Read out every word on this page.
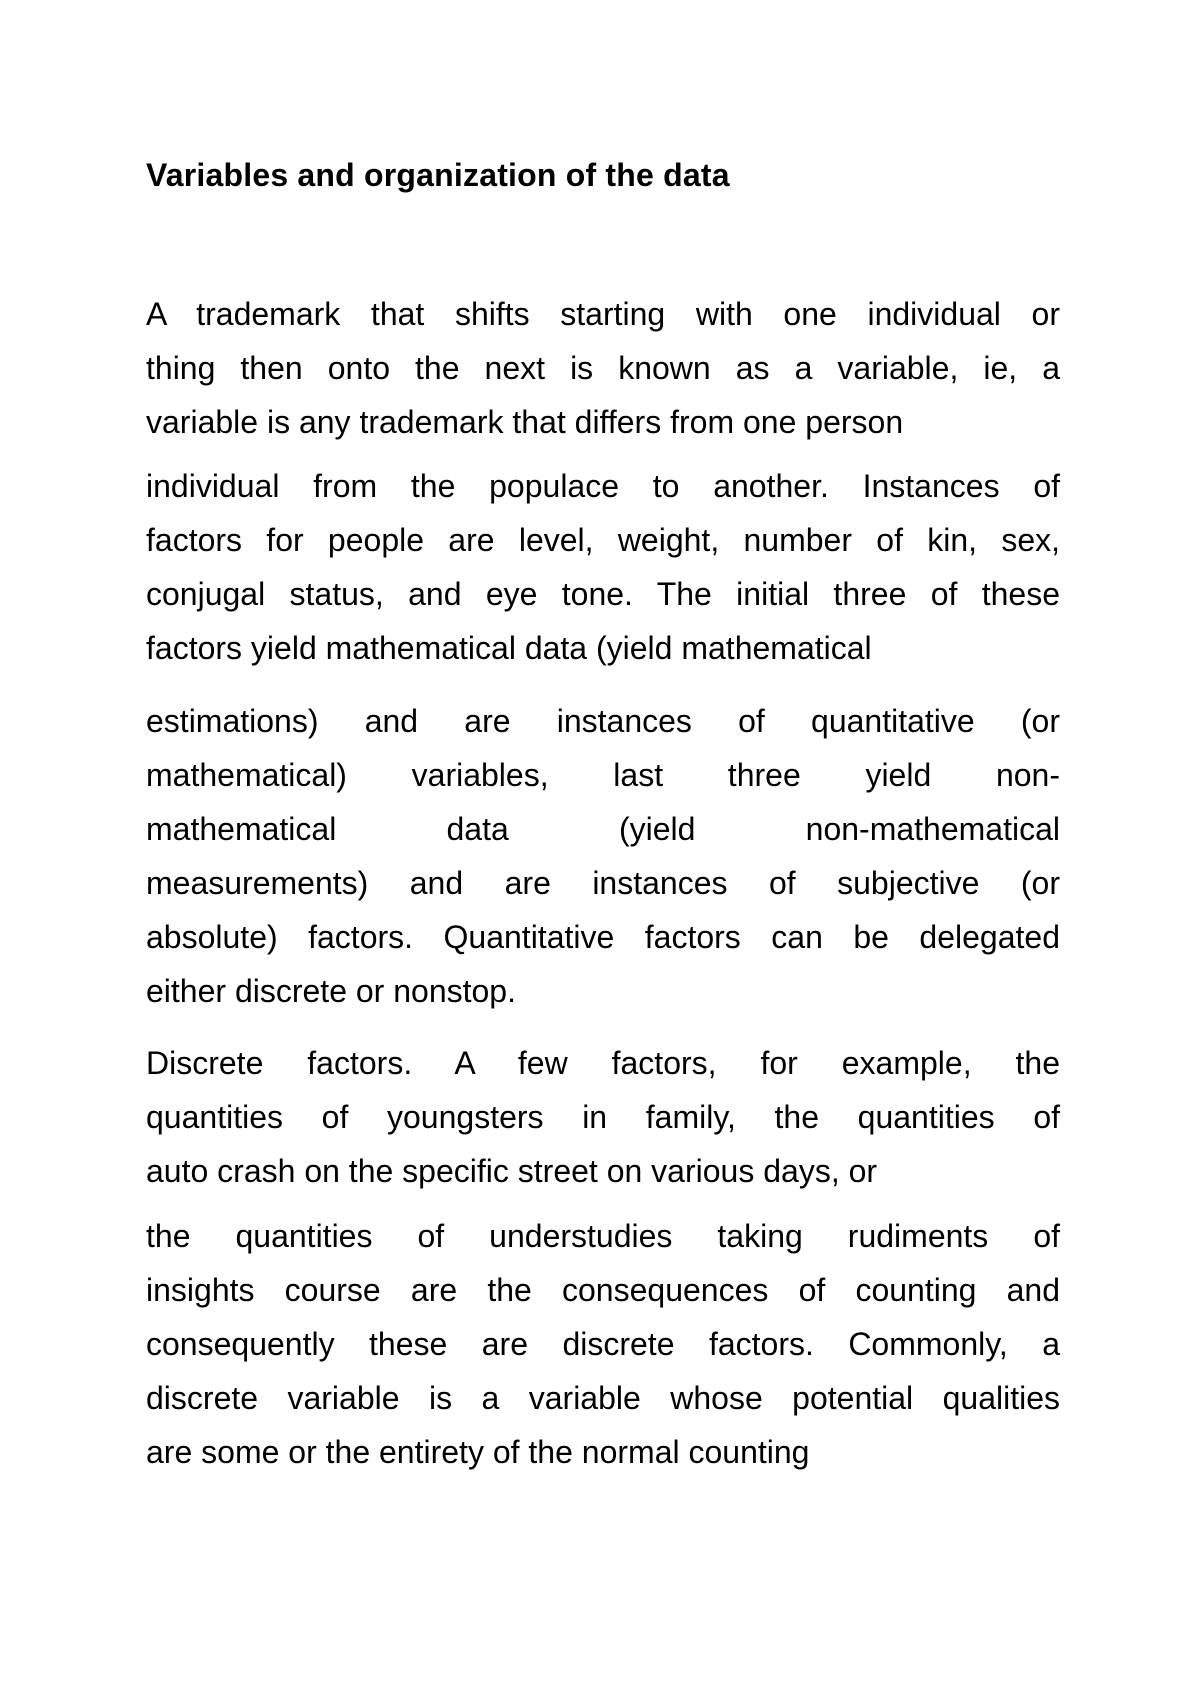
Variables and organization of the data
A trademark that shifts starting with one individual or
thing then onto the next is known as a variable, ie, a
variable is any trademark that differs from one person
individual from the populace to another. Instances of
factors for people are level, weight, number of kin, sex,
conjugal status, and eye tone. The initial three of these
factors yield mathematical data (yield mathematical
estimations) and are instances of quantitative (or
mathematical) variables, last three yield non-
mathematical data (yield non-mathematical
measurements) and are instances of subjective (or
absolute) factors. Quantitative factors can be delegated
either discrete or nonstop.
Discrete factors. A few factors, for example, the
quantities of youngsters in family, the quantities of
auto crash on the specific street on various days, or
the quantities of understudies taking rudiments of
insights course are the consequences of counting and
consequently these are discrete factors. Commonly, a
discrete variable is a variable whose potential qualities
are some or the entirety of the normal counting
